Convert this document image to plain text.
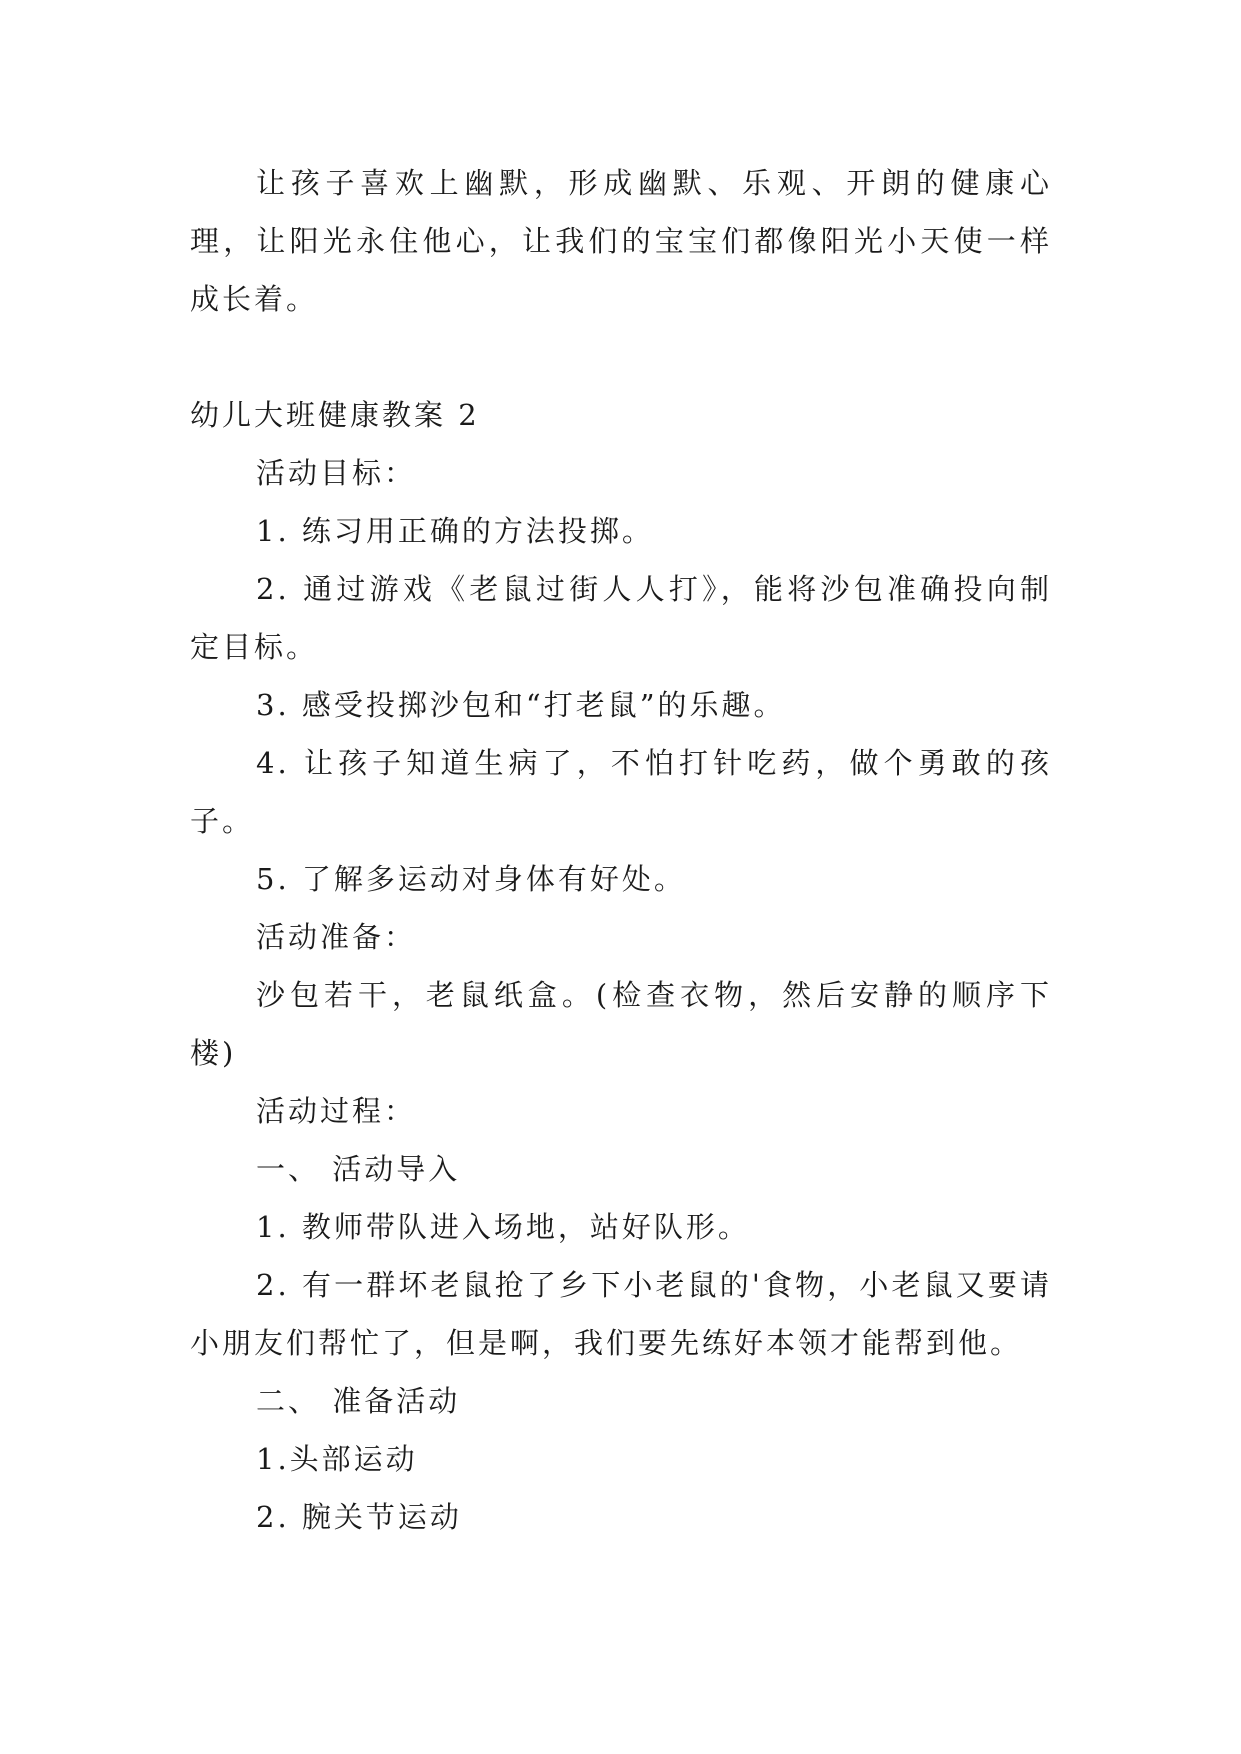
让孩子喜欢上幽默，形成幽默、乐观、开朗的健康心理，让阳光永住他心，让我们的宝宝们都像阳光小天使一样成长着。

幼儿大班健康教案 2

活动目标：

1. 练习用正确的方法投掷。

2. 通过游戏《老鼠过街人人打》，能将沙包准确投向制定目标。

3. 感受投掷沙包和“打老鼠”的乐趣。

4. 让孩子知道生病了，不怕打针吃药，做个勇敢的孩子。

5. 了解多运动对身体有好处。

活动准备：

沙包若干，老鼠纸盒。(检查衣物，然后安静的顺序下楼)

活动过程：

一、 活动导入

1. 教师带队进入场地，站好队形。

2. 有一群坏老鼠抢了乡下小老鼠的'食物，小老鼠又要请小朋友们帮忙了，但是啊，我们要先练好本领才能帮到他。

二、 准备活动

1.头部运动

2. 腕关节运动
